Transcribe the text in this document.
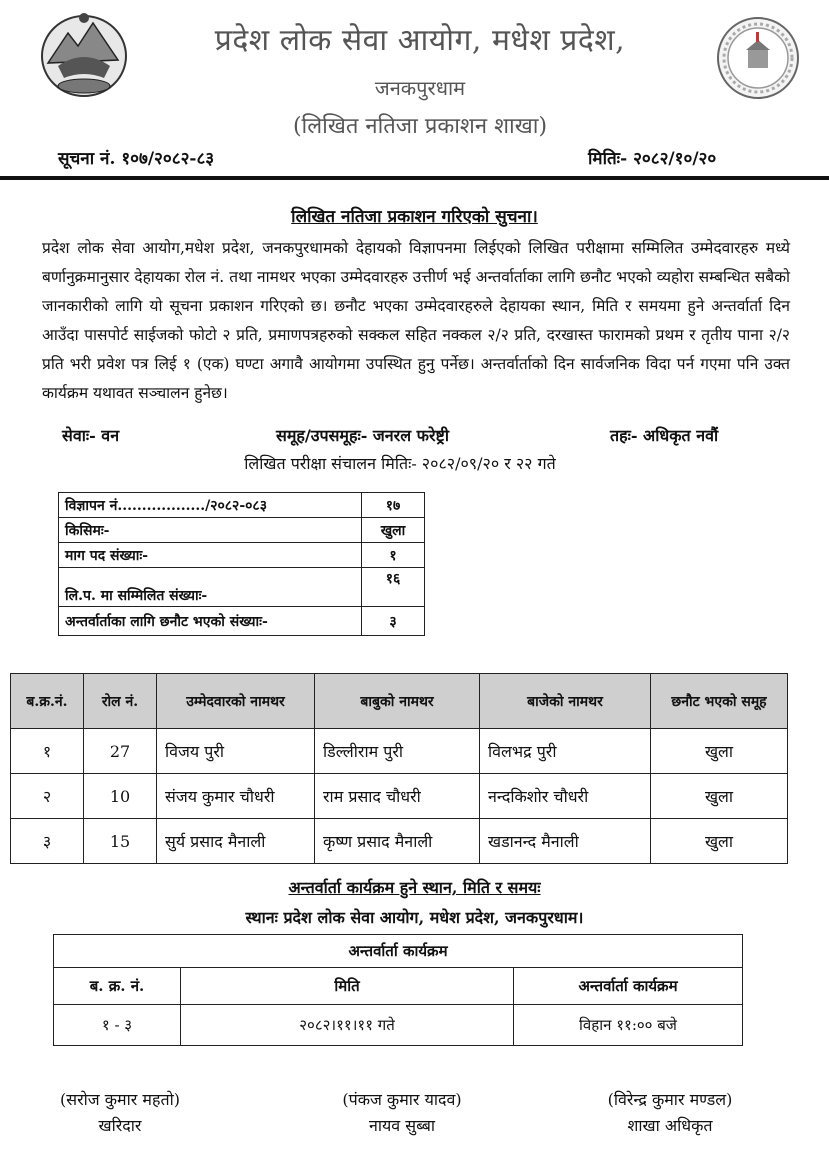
प्रदेश लोक सेवा आयोग, मधेश प्रदेश,
जनकपुरधाम
(लिखित नतिजा प्रकाशन शाखा)
सूचना नं. १०७/२०८२-८३	मितिः- २०८२/१०/२०
लिखित नतिजा प्रकाशन गरिएको सुचना।
प्रदेश लोक सेवा आयोग,मधेश प्रदेश, जनकपुरधामको देहायको विज्ञापनमा लिईएको लिखित परीक्षामा सम्मिलित उम्मेदवारहरु मध्ये बर्णानुक्रमानुसार देहायका रोल नं. तथा नामथर भएका उम्मेदवारहरु उत्तीर्ण भई अन्तर्वार्ताका लागि छनौट भएको व्यहोरा सम्बन्धित सबैको जानकारीको लागि यो सूचना प्रकाशन गरिएको छ। छनौट भएका उम्मेदवारहरुले देहायका स्थान, मिति र समयमा हुने अन्तर्वार्ता दिन आउँदा पासपोर्ट साईजको फोटो २ प्रति, प्रमाणपत्रहरुको सक्कल सहित नक्कल २/२ प्रति, दरखास्त फारामको प्रथम र तृतीय पाना २/२ प्रति भरी प्रवेश पत्र लिई १ (एक) घण्टा अगावै आयोगमा उपस्थित हुनु पर्नेछ। अन्तर्वार्ताको दिन सार्वजनिक विदा पर्न गएमा पनि उक्त कार्यक्रम यथावत सञ्चालन हुनेछ।
सेवाः- वन	समूह/उपसमूहः- जनरल फरेष्ट्री	तहः- अधिकृत नवौं
लिखित परीक्षा संचालन मितिः- २०८२/०९/२० र २२ गते
विज्ञापन नं................../२०८२-०८३	१७
किसिमः-	खुला
माग पद संख्याः-	१
लि.प. मा सम्मिलित संख्याः-	१६
अन्तर्वार्ताका लागि छनौट भएको संख्याः-	३
ब.क्र.नं.	रोल नं.	उम्मेदवारको नामथर	बाबुको नामथर	बाजेको नामथर	छनौट भएको समूह
१	27	विजय पुरी	डिल्लीराम पुरी	विलभद्र पुरी	खुला
२	10	संजय कुमार चौधरी	राम प्रसाद चौधरी	नन्दकिशोर चौधरी	खुला
३	15	सुर्य प्रसाद मैनाली	कृष्ण प्रसाद मैनाली	खडानन्द मैनाली	खुला
अन्तर्वार्ता कार्यक्रम हुने स्थान, मिति र समयः
स्थानः प्रदेश लोक सेवा आयोग, मधेश प्रदेश, जनकपुरधाम।
अन्तर्वार्ता कार्यक्रम		
ब. क्र. नं.	मिति	अन्तर्वार्ता कार्यक्रम
१ - ३	२०८२।११।११ गते	विहान ११:०० बजे
(सरोज कुमार महतो)
खरिदार
(पंकज कुमार यादव)
नायव सुब्बा
(विरेन्द्र कुमार मण्डल)
शाखा अधिकृत
